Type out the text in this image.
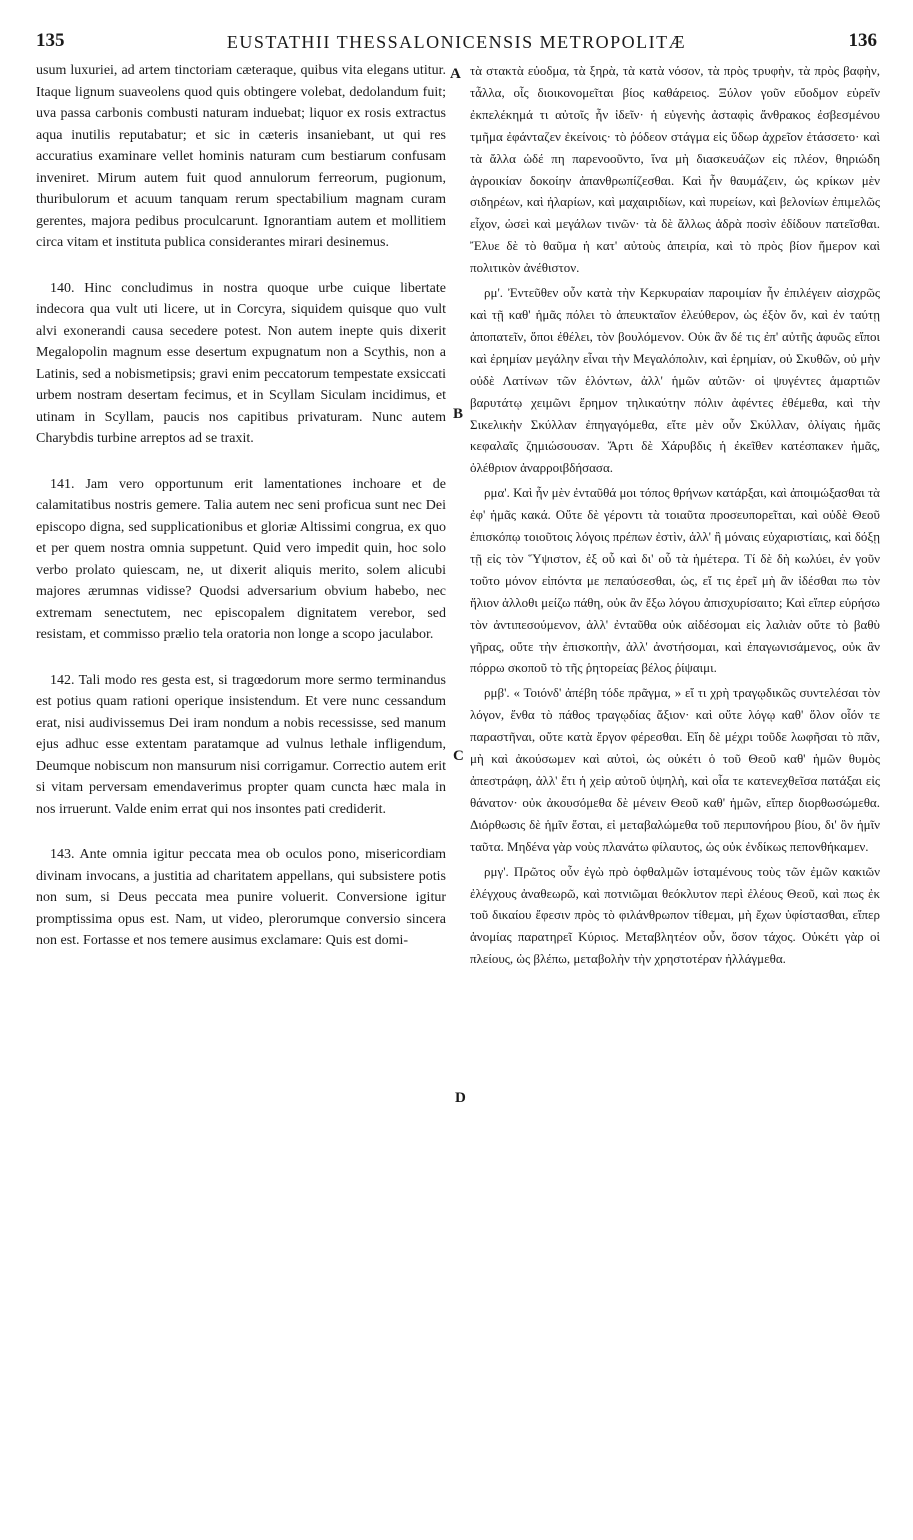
135	EUSTATHII THESSALONICENSIS METROPOLITÆ	136
A
B
C
D

usum luxuriei, ad artem tinctoriam cæteraque, quibus vita elegans utitur. Itaque lignum suaveolens quod quis obtingere volebat, dedolandum fuit; uva passa carbonis combusti naturam induebat; liquor ex rosis extractus aqua inutilis reputabatur; et sic in cæteris insaniebant, ut qui res accuratius examinare vellet hominis naturam cum bestiarum confusam inveniret. Mirum autem fuit quod annulorum ferreorum, pugionum, thuribulorum et acuum tanquam rerum spectabilium magnam curam gerentes, majora pedibus proculcarunt. Ignorantiam autem et mollitiem circa vitam et instituta publica considerantes mirari desinemus.

140. Hinc concludimus in nostra quoque urbe cuique libertate indecora qua vult uti licere, ut in Corcyra, siquidem quisque quo vult alvi exonerandi causa secedere potest. Non autem inepte quis dixerit Megalopolin magnum esse desertum expugnatum non a Scythis, non a Latinis, sed a nobismetipsis; gravi enim peccatorum tempestate exsiccati urbem nostram desertam fecimus, et in Scyllam Siculam incidimus, et utinam in Scyllam, paucis nos capitibus privaturam. Nunc autem Charybdis turbine arreptos ad se traxit.

141. Jam vero opportunum erit lamentationes inchoare et de calamitatibus nostris gemere. Talia autem nec seni proficua sunt nec Dei episcopo digna, sed supplicationibus et gloriæ Altissimi congrua, ex quo et per quem nostra omnia suppetunt. Quid vero impedit quin, hoc solo verbo prolato quiescam, ne, ut dixerit aliquis merito, solem alicubi majores ærumnas vidisse? Quodsi adversarium obvium habebo, nec extremam senectutem, nec episcopalem dignitatem verebor, sed resistam, et commisso prælio tela oratoria non longe a scopo jaculabor.

142. Tali modo res gesta est, si tragœdorum more sermo terminandus est potius quam rationi operique insistendum. Et vere nunc cessandum erat, nisi audivissemus Dei iram nondum a nobis recessisse, sed manum ejus adhuc esse extentam paratamque ad vulnus lethale infligendum, Deumque nobiscum non mansurum nisi corrigamur. Correctio autem erit si vitam perversam emendaverimus propter quam cuncta hæc mala in nos irruerunt. Valde enim errat qui nos insontes pati crediderit.

143. Ante omnia igitur peccata mea ob oculos pono, misericordiam divinam invocans, a justitia ad charitatem appellans, qui subsistere potis non sum, si Deus peccata mea punire voluerit. Conversione igitur promptissima opus est. Nam, ut video, plerorumque conversio sincera non est. Fortasse et nos temere ausimus exclamare: Quis est domi-

τὰ στακτὰ εὐοδμα, τὰ ξηρὰ, τὰ κατὰ νόσον, τὰ πρὸς τρυφὴν, τὰ πρὸς βαφὴν, τἆλλα, οἷς διοικονομεῖται βίος καθάρειος. Ξύλον γοῦν εὔοδμον εὑρεῖν ἐκπελέκημά τι αὐτοῖς ἦν ἰδεῖν· ἡ εὐγενὴς ἀσταφὶς ἄνθρακος ἐσβεσμένου τμῆμα ἐφάνταζεν ἐκείνοις· τὸ ῥόδεον στάγμα εἰς ὕδωρ ἀχρεῖον ἐτάσσετο· καὶ τὰ ἄλλα ὡδέ πη παρενοοῦντο, ἵνα μὴ διασκευάζων εἰς πλέον, θηριώδη ἀγροικίαν δοκοίην ἀπανθρωπίζεσθαι. Καὶ ἦν θαυμάζειν, ὡς κρίκων μὲν σιδηρέων, καὶ ἠλαρίων, καὶ μαχαιριδίων, καὶ πυρείων, καὶ βελονίων ἐπιμελῶς εἶχον, ὡσεὶ καὶ μεγάλων τινῶν· τὰ δὲ ἄλλως ἁδρὰ ποσὶν ἐδίδουν πατεῖσθαι. Ἔλυε δὲ τὸ θαῦμα ἡ κατ' αὐτοὺς ἀπειρία, καὶ τὸ πρὸς βίον ἥμερον καὶ πολιτικὸν ἀνέθιστον.

ρμ'. Ἐντεῦθεν οὖν κατὰ τὴν Κερκυραίαν παροιμίαν ἦν ἐπιλέγειν αἰσχρῶς καὶ τῇ καθ' ἡμᾶς πόλει τὸ ἀπευκταῖον ἐλεύθερον, ὡς ἐξὸν ὅν, καὶ ἐν ταύτῃ ἀποπατεῖν, ὅποι ἐθέλει, τὸν βουλόμενον. Οὐκ ἂν δέ τις ἐπ' αὐτῆς ἀφυῶς εἴποι καὶ ἐρημίαν μεγάλην εἶναι τὴν Μεγαλόπολιν, καὶ ἐρημίαν, οὐ Σκυθῶν, οὐ μὴν οὐδὲ Λατίνων τῶν ἑλόντων, ἀλλ' ἡμῶν αὐτῶν· οἱ ψυγέντες ἁμαρτιῶν βαρυτάτῳ χειμῶνι ἔρημον τηλικαύτην πόλιν ἀφέντες ἐθέμεθα, καὶ τὴν Σικελικὴν Σκύλλαν ἐπηγαγόμεθα, εἴτε μὲν οὖν Σκύλλαν, ὀλίγαις ἡμᾶς κεφαλαῖς ζημιώσουσαν. Ἄρτι δὲ Χάρυβδις ἡ ἐκεῖθεν κατέσπακεν ἡμᾶς, ὀλέθριον ἀναρροιβδήσασα.

ρμα'. Καὶ ἦν μὲν ἐνταῦθά μοι τόπος θρήνων κατάρξαι, καὶ ἀποιμώξασθαι τὰ ἐφ' ἡμᾶς κακά. Οὔτε δὲ γέροντι τὰ τοιαῦτα προσευπορεῖται, καὶ οὐδὲ Θεοῦ ἐπισκόπῳ τοιοῦτοις λόγοις πρέπων ἐστὶν, ἀλλ' ἢ μόναις εὐχαριστίαις, καὶ δόξῃ τῇ εἰς τὸν Ὕψιστον, ἐξ οὗ καὶ δι' οὗ τὰ ἡμέτερα. Τί δὲ δὴ κωλύει, ἐν γοῦν τοῦτο μόνον εἰπόντα με πεπαύσεσθαι, ὡς, εἴ τις ἐρεῖ μὴ ἂν ἰδέσθαι πω τὸν ἥλιον ἀλλοθι μείζω πάθη, οὐκ ἂν ἔξω λόγου ἀπισχυρίσαιτο; Καὶ εἴπερ εὑρήσω τὸν ἀντιπεσούμενον, ἀλλ' ἐνταῦθα οὐκ αἰδέσομαι εἰς λαλιὰν οὔτε τὸ βαθὺ γῆρας, οὔτε τὴν ἐπισκοπὴν, ἀλλ' ἀνστήσομαι, καὶ ἐπαγωνισάμενος, οὐκ ἂν πόρρω σκοποῦ τὸ τῆς ῥητορείας βέλος ῥίψαιμι.

ρμβ'. « Τοιόνδ' ἀπέβη τόδε πρᾶγμα, » εἴ τι χρὴ τραγῳδικῶς συντελέσαι τὸν λόγον, ἔνθα τὸ πάθος τραγῳδίας ἄξιον· καὶ οὔτε λόγῳ καθ' ὅλον οἷόν τε παραστῆναι, οὔτε κατὰ ἔργον φέρεσθαι. Εἴη δὲ μέχρι τοῦδε λωφῆσαι τὸ πᾶν, μὴ καὶ ἀκούσωμεν καὶ αὐτοὶ, ὡς οὐκέτι ὁ τοῦ Θεοῦ καθ' ἡμῶν θυμὸς ἀπεστράφη, ἀλλ' ἔτι ἡ χεὶρ αὐτοῦ ὑψηλὴ, καὶ οἷα τε κατενεχθεῖσα πατάξαι εἰς θάνατον· οὐκ ἀκουσόμεθα δὲ μένειν Θεοῦ καθ' ἡμῶν, εἴπερ διορθωσώμεθα. Διόρθωσις δὲ ἡμῖν ἔσται, εἰ μεταβαλώμεθα τοῦ περιπονήρου βίου, δι' ὃν ἡμῖν ταῦτα. Μηδένα γὰρ νοὺς πλανάτω φίλαυτος, ὡς οὐκ ἐνδίκως πεπονθήκαμεν.

ρμγ'. Πρῶτος οὖν ἐγὼ πρὸ ὀφθαλμῶν ἱσταμένους τοὺς τῶν ἐμῶν κακιῶν ἐλέγχους ἀναθεωρῶ, καὶ ποτνιῶμαι θεόκλυτον περὶ ἐλέους Θεοῦ, καὶ πως ἐκ τοῦ δικαίου ἔφεσιν πρὸς τὸ φιλάνθρωπον τίθεμαι, μὴ ἔχων ὑφίστασθαι, εἴπερ ἀνομίας παρατηρεῖ Κύριος. Μεταβλητέον οὖν, ὅσον τάχος. Οὐκέτι γὰρ οἱ πλείους, ὡς βλέπω, μεταβολὴν τὴν χρηστοτέραν ἠλλάγμεθα.
